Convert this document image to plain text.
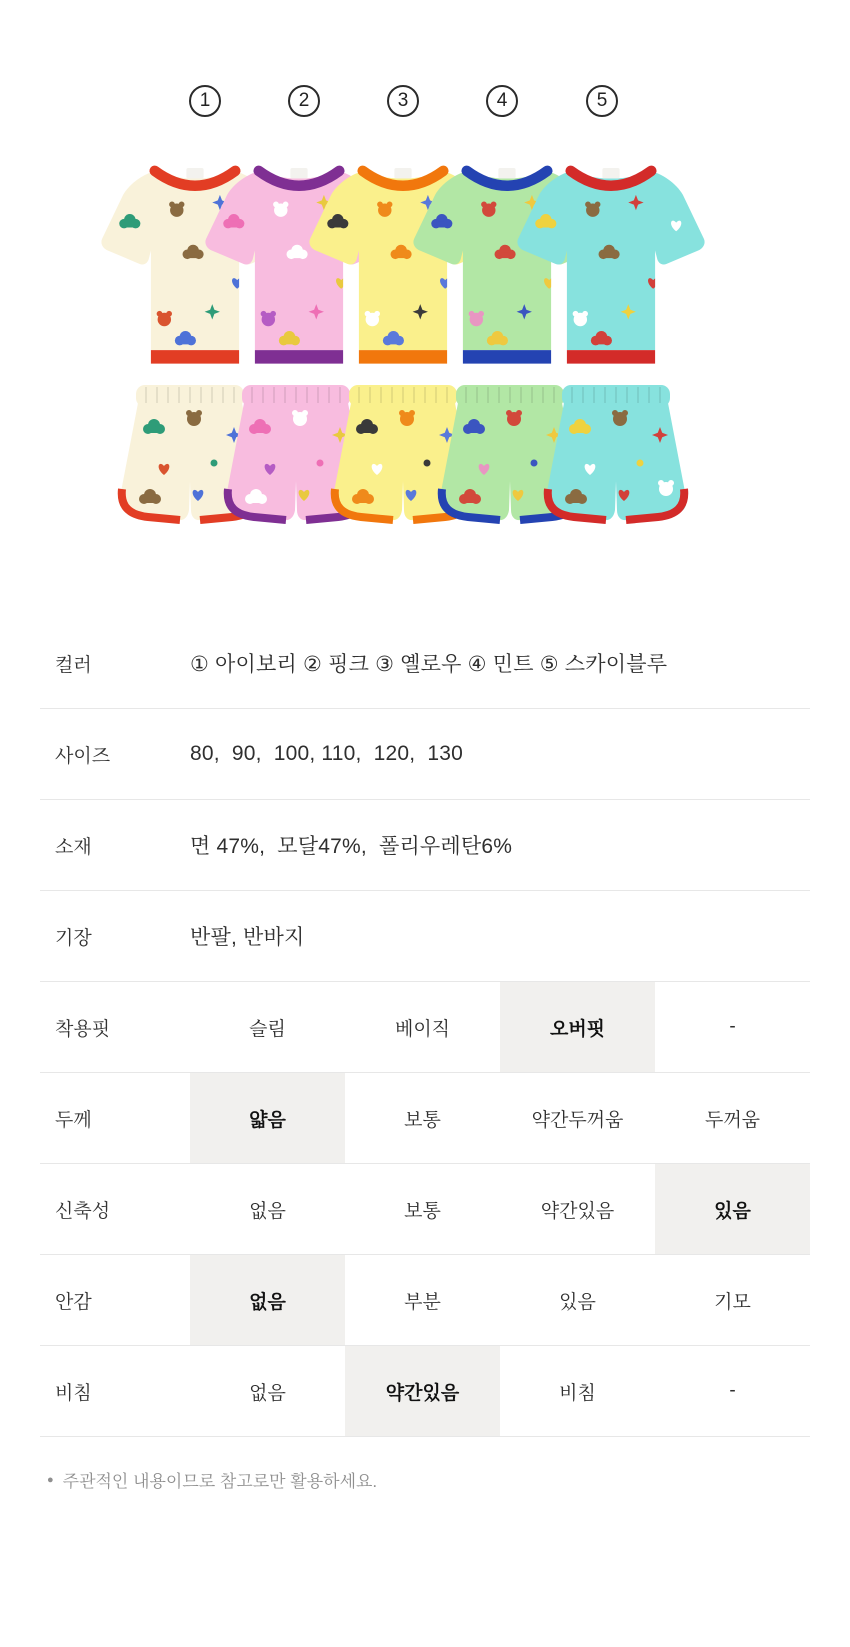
1	2	3	4	5
컬러	① 아이보리 ② 핑크 ③ 옐로우 ④ 민트 ⑤ 스카이블루
사이즈	80,  90,  100, 110,  120,  130
소재	면 47%,  모달47%,  폴리우레탄6%
기장	반팔, 반바지
착용핏	슬림	베이직	오버핏	-
두께	얇음	보통	약간두꺼움	두꺼움
신축성	없음	보통	약간있음	있음
안감	없음	부분	있음	기모
비침	없음	약간있음	비침	-
● 주관적인 내용이므로 참고로만 활용하세요.
